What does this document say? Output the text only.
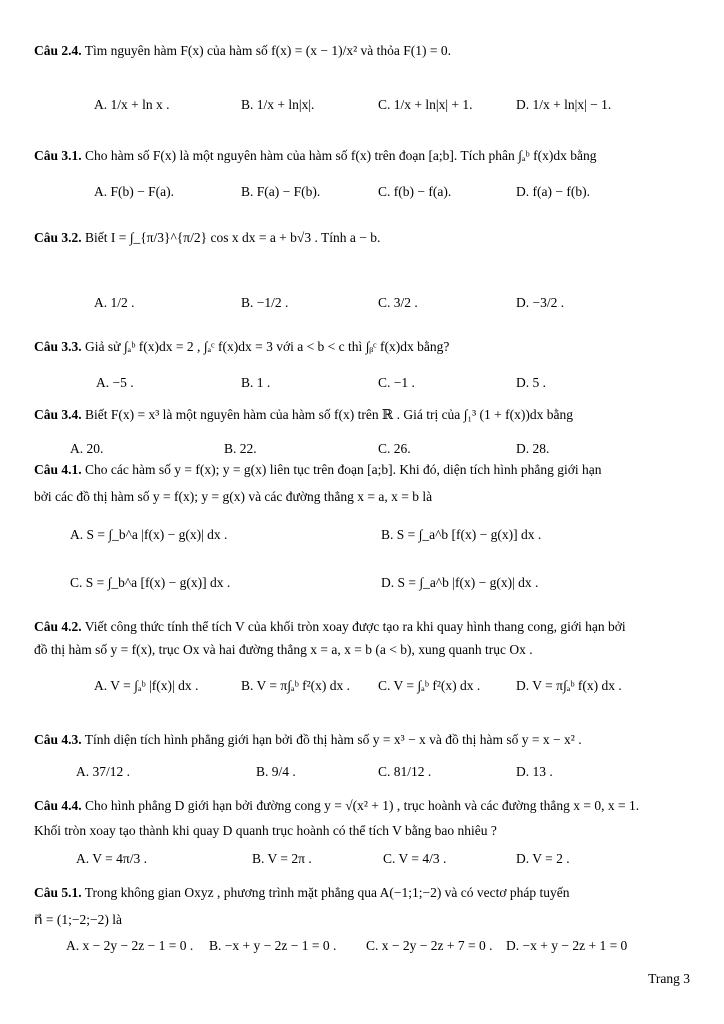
Câu 2.4. Tìm nguyên hàm F(x) của hàm số f(x) = (x − 1)/x² và thỏa F(1) = 0.
A. 1/x + ln x .	B. 1/x + ln|x|.	C. 1/x + ln|x| + 1.	D. 1/x + ln|x| − 1.
Câu 3.1. Cho hàm số F(x) là một nguyên hàm của hàm số f(x) trên đoạn [a;b]. Tích phân ∫ₐᵇ f(x)dx bằng
A. F(b) − F(a).	B. F(a) − F(b).	C. f(b) − f(a).	D. f(a) − f(b).
Câu 3.2. Biết I = ∫_{π/3}^{π/2} cos x dx = a + b√3 . Tính a − b.
A. 1/2 .	B. −1/2 .	C. 3/2 .	D. −3/2 .
Câu 3.3. Giả sử ∫ₐᵇ f(x)dx = 2 , ∫ₐᶜ f(x)dx = 3 với a < b < c thì ∫ᵦᶜ f(x)dx bằng?
A. −5 .	B. 1 .	C. −1 .	D. 5 .
Câu 3.4. Biết F(x) = x³ là một nguyên hàm của hàm số f(x) trên ℝ . Giá trị của ∫₁³ (1 + f(x))dx bằng
A. 20.	B. 22.	C. 26.	D. 28.
Câu 4.1. Cho các hàm số y = f(x); y = g(x) liên tục trên đoạn [a;b]. Khi đó, diện tích hình phẳng giới hạn
bởi các đồ thị hàm số y = f(x); y = g(x) và các đường thẳng x = a, x = b là
A. S = ∫_b^a |f(x) − g(x)| dx .	B. S = ∫_a^b [f(x) − g(x)] dx .
C. S = ∫_b^a [f(x) − g(x)] dx .	D. S = ∫_a^b |f(x) − g(x)| dx .
Câu 4.2. Viết công thức tính thể tích V của khối tròn xoay được tạo ra khi quay hình thang cong, giới hạn bởi
đồ thị hàm số y = f(x), trục Ox và hai đường thẳng x = a, x = b (a < b), xung quanh trục Ox .
A. V = ∫ₐᵇ |f(x)| dx .	B. V = π∫ₐᵇ f²(x) dx . C. V = ∫ₐᵇ f²(x) dx .	D. V = π∫ₐᵇ f(x) dx .
Câu 4.3. Tính diện tích hình phẳng giới hạn bởi đồ thị hàm số y = x³ − x và đồ thị hàm số y = x − x² .
A. 37/12 .	B. 9/4 .	C. 81/12 .	D. 13 .
Câu 4.4. Cho hình phẳng D giới hạn bởi đường cong y = √(x² + 1) , trục hoành và các đường thẳng x = 0, x = 1.
Khối tròn xoay tạo thành khi quay D quanh trục hoành có thể tích V bằng bao nhiêu ?
A. V = 4π/3 .	B. V = 2π .	C. V = 4/3 .	D. V = 2 .
Câu 5.1. Trong không gian Oxyz , phương trình mặt phẳng qua A(−1;1;−2) và có vectơ pháp tuyến
n⃗ = (1;−2;−2) là
A. x − 2y − 2z − 1 = 0 . B. −x + y − 2z − 1 = 0 . C. x − 2y − 2z + 7 = 0 . D. −x + y − 2z + 1 = 0
Trang 3
